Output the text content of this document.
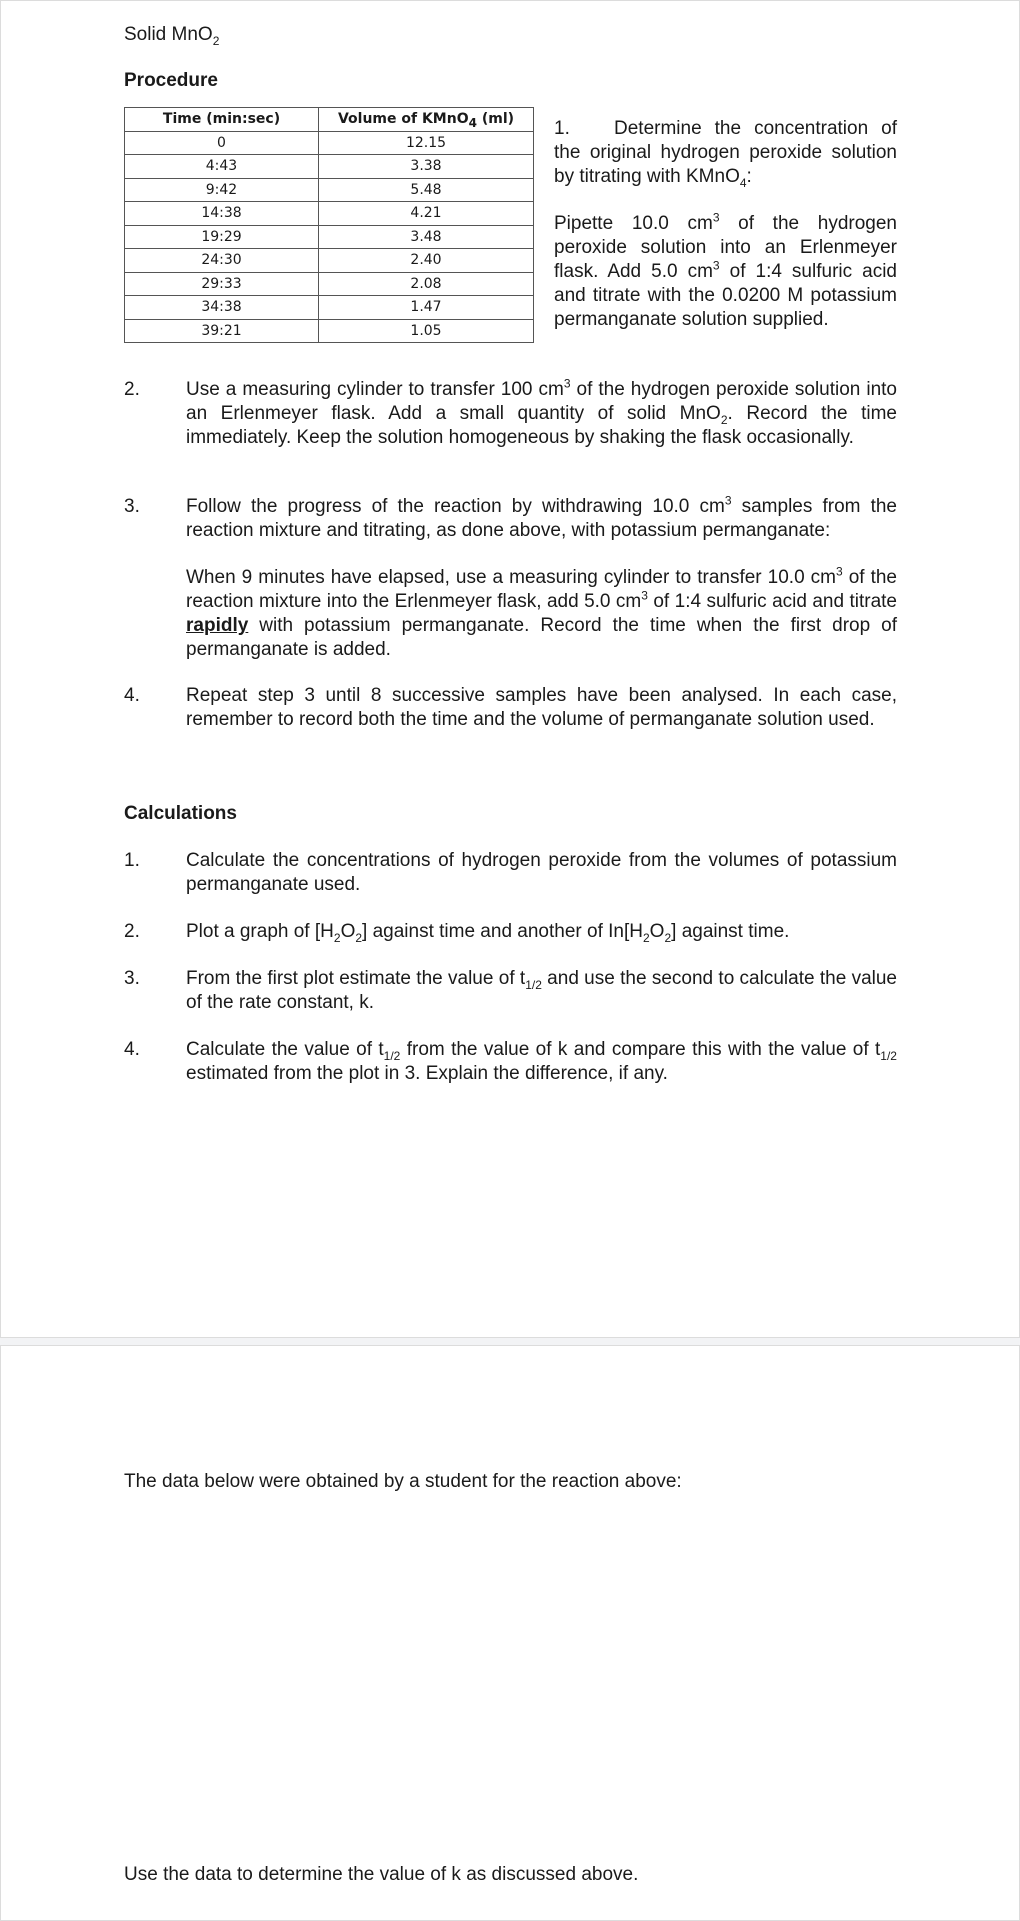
Solid MnO$_2$
Procedure
Time (min:sec)	Volume of KMnO$_4$ (ml)
0	12.15
4:43	3.38
9:42	5.48
14:38	4.21
19:29	3.48
24:30	2.40
29:33	2.08
34:38	1.47
39:21	1.05
1. Determine the concentration of the original hydrogen peroxide solution by titrating with KMnO$_4$:
Pipette 10.0 $cm^3$ of the hydrogen peroxide solution into an Erlenmeyer flask. Add 5.0 $cm^3$ of 1:4 sulfuric acid and titrate with the 0.0200 M potassium permanganate solution supplied.
2. Use a measuring cylinder to transfer 100 $cm^3$ of the hydrogen peroxide solution into an Erlenmeyer flask. Add a small quantity of solid MnO$_2$. Record the time immediately. Keep the solution homogeneous by shaking the flask occasionally.
3. Follow the progress of the reaction by withdrawing 10.0 $cm^3$ samples from the reaction mixture and titrating, as done above, with potassium permanganate:
When 9 minutes have elapsed, use a measuring cylinder to transfer 10.0 $cm^3$ of the reaction mixture into the Erlenmeyer flask, add 5.0 $cm^3$ of 1:4 sulfuric acid and titrate rapidly with potassium permanganate. Record the time when the first drop of permanganate is added.
4. Repeat step 3 until 8 successive samples have been analysed. In each case, remember to record both the time and the volume of permanganate solution used.
Calculations
1. Calculate the concentrations of hydrogen peroxide from the volumes of potassium permanganate used.
2. Plot a graph of $[H_2O_2]$ against time and another of $In[H_2O_2]$ against time.
3. From the first plot estimate the value of $t_{1/2}$ and use the second to calculate the value of the rate constant, k.
4. Calculate the value of $t_{1/2}$ from the value of k and compare this with the value of $t_{1/2}$ estimated from the plot in 3. Explain the difference, if any.
The data below were obtained by a student for the reaction above:
Use the data to determine the value of k as discussed above.
